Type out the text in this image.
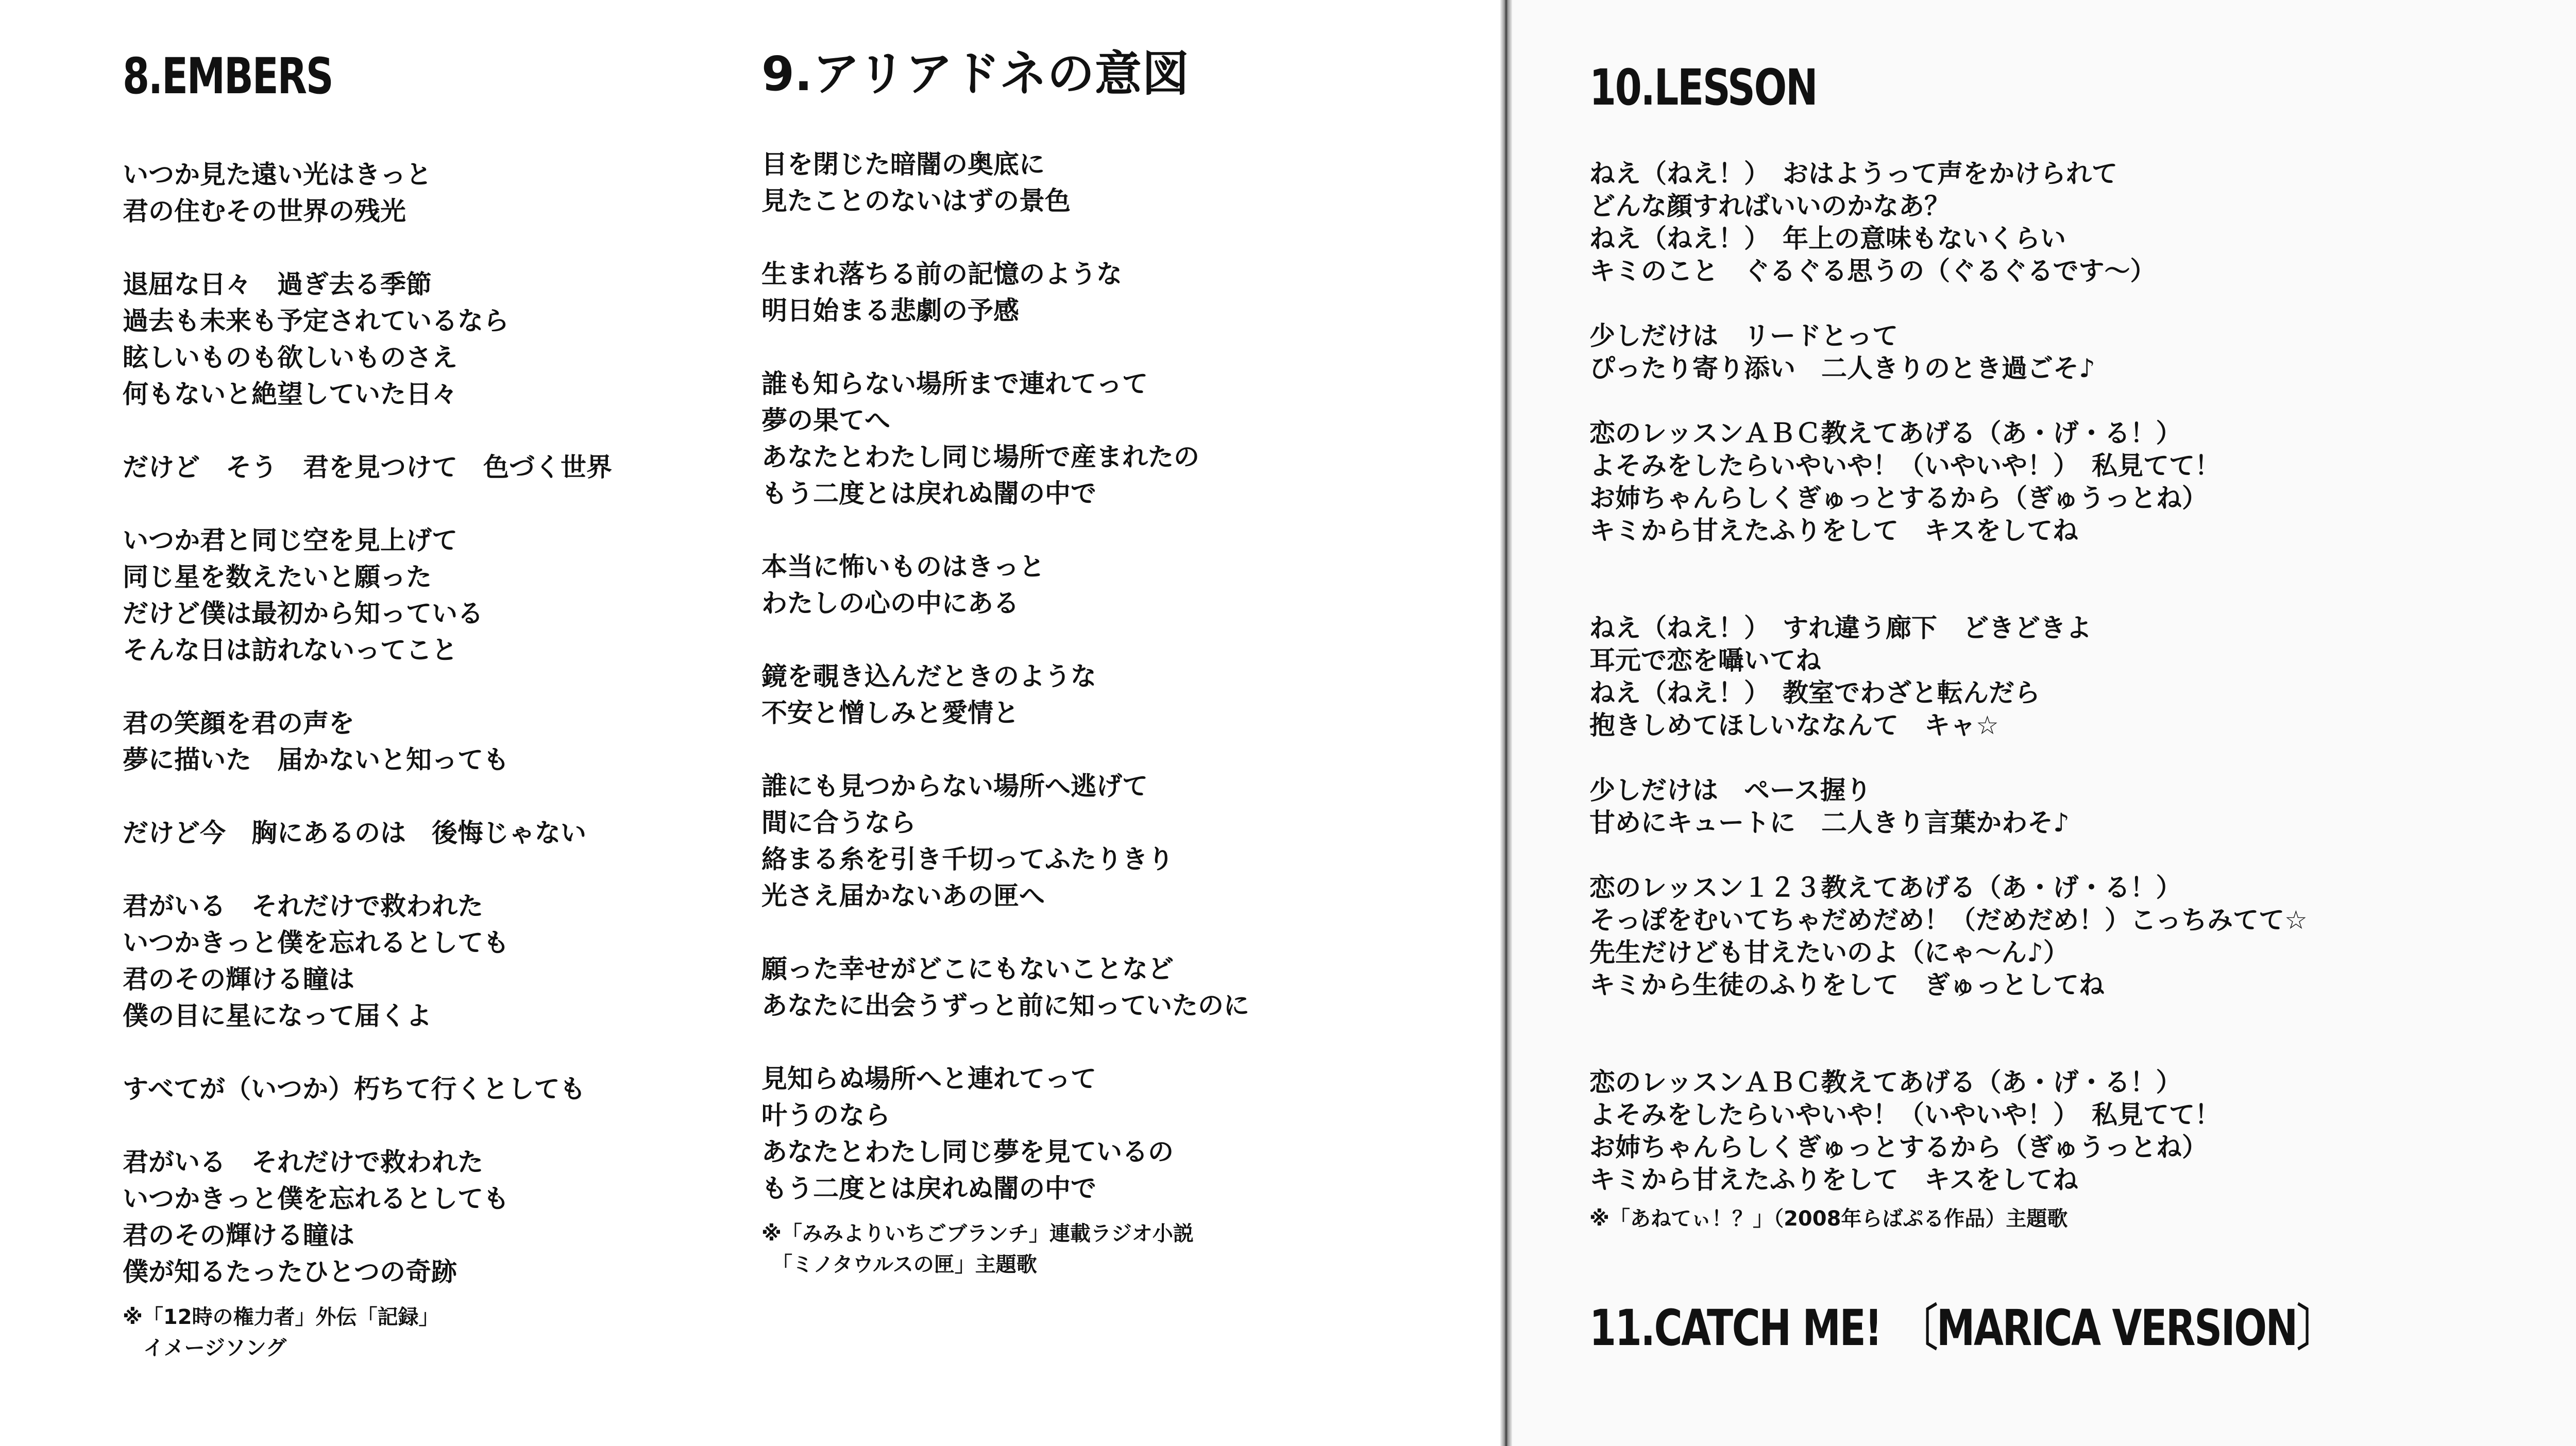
8.EMBERS

いつか見た遠い光はきっと
君の住むその世界の残光

退屈な日々　過ぎ去る季節
過去も未来も予定されているなら
眩しいものも欲しいものさえ
何もないと絶望していた日々

だけど　そう　君を見つけて　色づく世界

いつか君と同じ空を見上げて
同じ星を数えたいと願った
だけど僕は最初から知っている
そんな日は訪れないってこと

君の笑顔を君の声を
夢に描いた　届かないと知っても

だけど今　胸にあるのは　後悔じゃない

君がいる　それだけで救われた
いつかきっと僕を忘れるとしても
君のその輝ける瞳は
僕の目に星になって届くよ

すべてが（いつか）朽ちて行くとしても

君がいる　それだけで救われた
いつかきっと僕を忘れるとしても
君のその輝ける瞳は
僕が知るたったひとつの奇跡

※「12時の権力者」外伝「記録」
　イメージソング

9.アリアドネの意図

目を閉じた暗闇の奥底に
見たことのないはずの景色

生まれ落ちる前の記憶のような
明日始まる悲劇の予感

誰も知らない場所まで連れてって
夢の果てへ
あなたとわたし同じ場所で産まれたの
もう二度とは戻れぬ闇の中で

本当に怖いものはきっと
わたしの心の中にある

鏡を覗き込んだときのような
不安と憎しみと愛情と

誰にも見つからない場所へ逃げて
間に合うなら
絡まる糸を引き千切ってふたりきり
光さえ届かないあの匣へ

願った幸せがどこにもないことなど
あなたに出会うずっと前に知っていたのに

見知らぬ場所へと連れてって
叶うのなら
あなたとわたし同じ夢を見ているの
もう二度とは戻れぬ闇の中で

※「みみよりいちごブランチ」連載ラジオ小説
　「ミノタウルスの匣」主題歌

10.LESSON

ねえ（ねえ！）　おはようって声をかけられて
どんな顔すればいいのかなあ？
ねえ（ねえ！）　年上の意味もないくらい
キミのこと　ぐるぐる思うの（ぐるぐるです〜）

少しだけは　リードとって
ぴったり寄り添い　二人きりのとき過ごそ♪

恋のレッスンＡＢＣ教えてあげる（あ・げ・る！）
よそみをしたらいやいや！（いやいや！）　私見てて！
お姉ちゃんらしくぎゅっとするから（ぎゅうっとね）
キミから甘えたふりをして　キスをしてね

ねえ（ねえ！）　すれ違う廊下　どきどきよ
耳元で恋を囁いてね
ねえ（ねえ！）　教室でわざと転んだら
抱きしめてほしいななんて　キャ☆

少しだけは　ペース握り
甘めにキュートに　二人きり言葉かわそ♪

恋のレッスン１２３教えてあげる（あ・げ・る！）
そっぽをむいてちゃだめだめ！（だめだめ！）こっちみてて☆
先生だけども甘えたいのよ（にゃ〜ん♪）
キミから生徒のふりをして　ぎゅっとしてね

恋のレッスンＡＢＣ教えてあげる（あ・げ・る！）
よそみをしたらいやいや！（いやいや！）　私見てて！
お姉ちゃんらしくぎゅっとするから（ぎゅうっとね）
キミから甘えたふりをして　キスをしてね

※「あねてぃ！？」（2008年らばぷる作品）主題歌

11.CATCH ME!　〔MARICA VERSION〕
